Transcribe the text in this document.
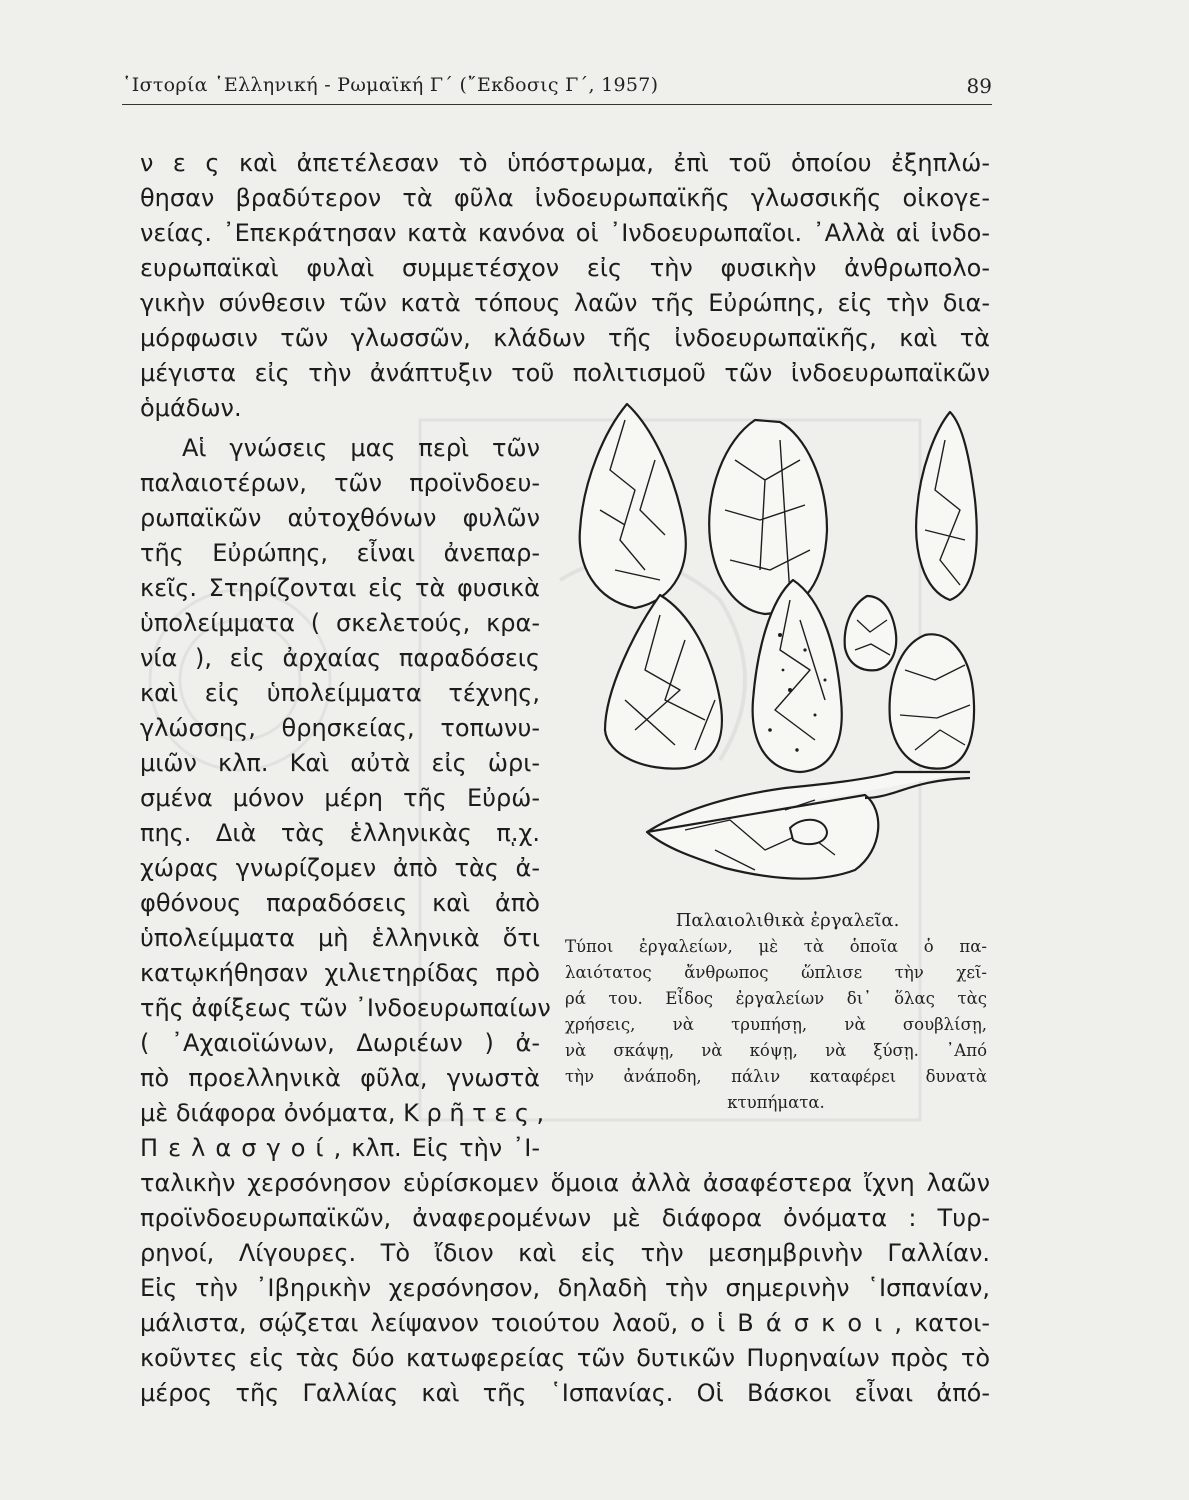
῾Ιστορία ῾Ελληνική - Ρωμαϊκή Γ΄ (῎Εκδοσις Γ΄, 1957)	89
ν ε ς καὶ ἀπετέλεσαν τὸ ὑπόστρωμα, ἐπὶ τοῦ ὁποίου ἐξηπλώ-
θησαν βραδύτερον τὰ φῦλα ἰνδοευρωπαϊκῆς γλωσσικῆς οἰκογε-
νείας. ᾿Επεκράτησαν κατὰ κανόνα οἱ ᾿Ινδοευρωπαῖοι. ᾿Αλλὰ αἱ ἰνδο-
ευρωπαϊκαὶ φυλαὶ συμμετέσχον εἰς τὴν φυσικὴν ἀνθρωπολο-
γικὴν σύνθεσιν τῶν κατὰ τόπους λαῶν τῆς Εὐρώπης, εἰς τὴν δια-
μόρφωσιν τῶν γλωσσῶν, κλάδων τῆς ἰνδοευρωπαϊκῆς, καὶ τὰ
μέγιστα εἰς τὴν ἀνάπτυξιν τοῦ πολιτισμοῦ τῶν ἰνδοευρωπαϊκῶν
ὁμάδων.
Αἱ γνώσεις μας περὶ τῶν
παλαιοτέρων, τῶν προϊνδοευ-
ρωπαϊκῶν αὐτοχθόνων φυλῶν
τῆς Εὐρώπης, εἶναι ἀνεπαρ-
κεῖς. Στηρίζονται εἰς τὰ φυσικὰ
ὑπολείμματα ( σκελετούς, κρα-
νία ), εἰς ἀρχαίας παραδόσεις
καὶ εἰς ὑπολείμματα τέχνης,
γλώσσης, θρησκείας, τοπωνυ-
μιῶν κλπ. Καὶ αὐτὰ εἰς ὡρι-
σμένα μόνον μέρη τῆς Εὐρώ-
πης. Διὰ τὰς ἑλληνικὰς π.ͅχ.
χώρας γνωρίζομεν ἀπὸ τὰς ἀ-
φθόνους παραδόσεις καὶ ἀπὸ
ὑπολείμματα μὴ ἑλληνικὰ ὅτι
κατῳκήθησαν χιλιετηρίδας πρὸ
τῆς ἀφίξεως τῶν ᾿Ινδοευρωπαίων
( ᾿Αχαιοϊώνων, Δωριέων ) ἀ-
πὸ προελληνικὰ φῦλα, γνωστὰ
μὲ διάφορα ὀνόματα, Κ ρ ῆ τ ε ς ,
Π ε λ α σ γ ο ί , κλπ. Εἰς τὴν ᾿Ι-
ταλικὴν χερσόνησον εὑρίσκομεν ὅμοια ἀλλὰ ἀσαφέστερα ἴχνη λαῶν
προϊνδοευρωπαϊκῶν, ἀναφερομένων μὲ διάφορα ὀνόματα : Τυρ-
ρηνοί, Λίγουρες. Τὸ ἴδιον καὶ εἰς τὴν μεσημβρινὴν Γαλλίαν.
Εἰς τὴν ᾿Ιβηρικὴν χερσόνησον, δηλαδὴ τὴν σημερινὴν ῾Ισπανίαν,
μάλιστα, σῴζεται λείψανον τοιούτου λαοῦ, ο ἱ Β ά σ κ ο ι , κατοι-
κοῦντες εἰς τὰς δύο κατωφερείας τῶν δυτικῶν Πυρηναίων πρὸς τὸ
μέρος τῆς Γαλλίας καὶ τῆς ῾Ισπανίας. Οἱ Βάσκοι εἶναι ἀπό-
Παλαιολιθικὰ ἐργαλεῖα.
Τύποι ἐργαλείων, μὲ τὰ ὁποῖα ὁ πα-
λαιότατος ἄνθρωπος ὥπλισε τὴν χεῖ-
ρά του. Εἶδος ἐργαλείων δι᾿ ὅλας τὰς
χρήσεις, νὰ τρυπήσῃ, νὰ σουβλίσῃ,
νὰ σκάψῃ, νὰ κόψῃ, νὰ ξύσῃ. ᾿Από
τὴν ἀνάποδη, πάλιν καταφέρει δυνατὰ
κτυπήματα.
